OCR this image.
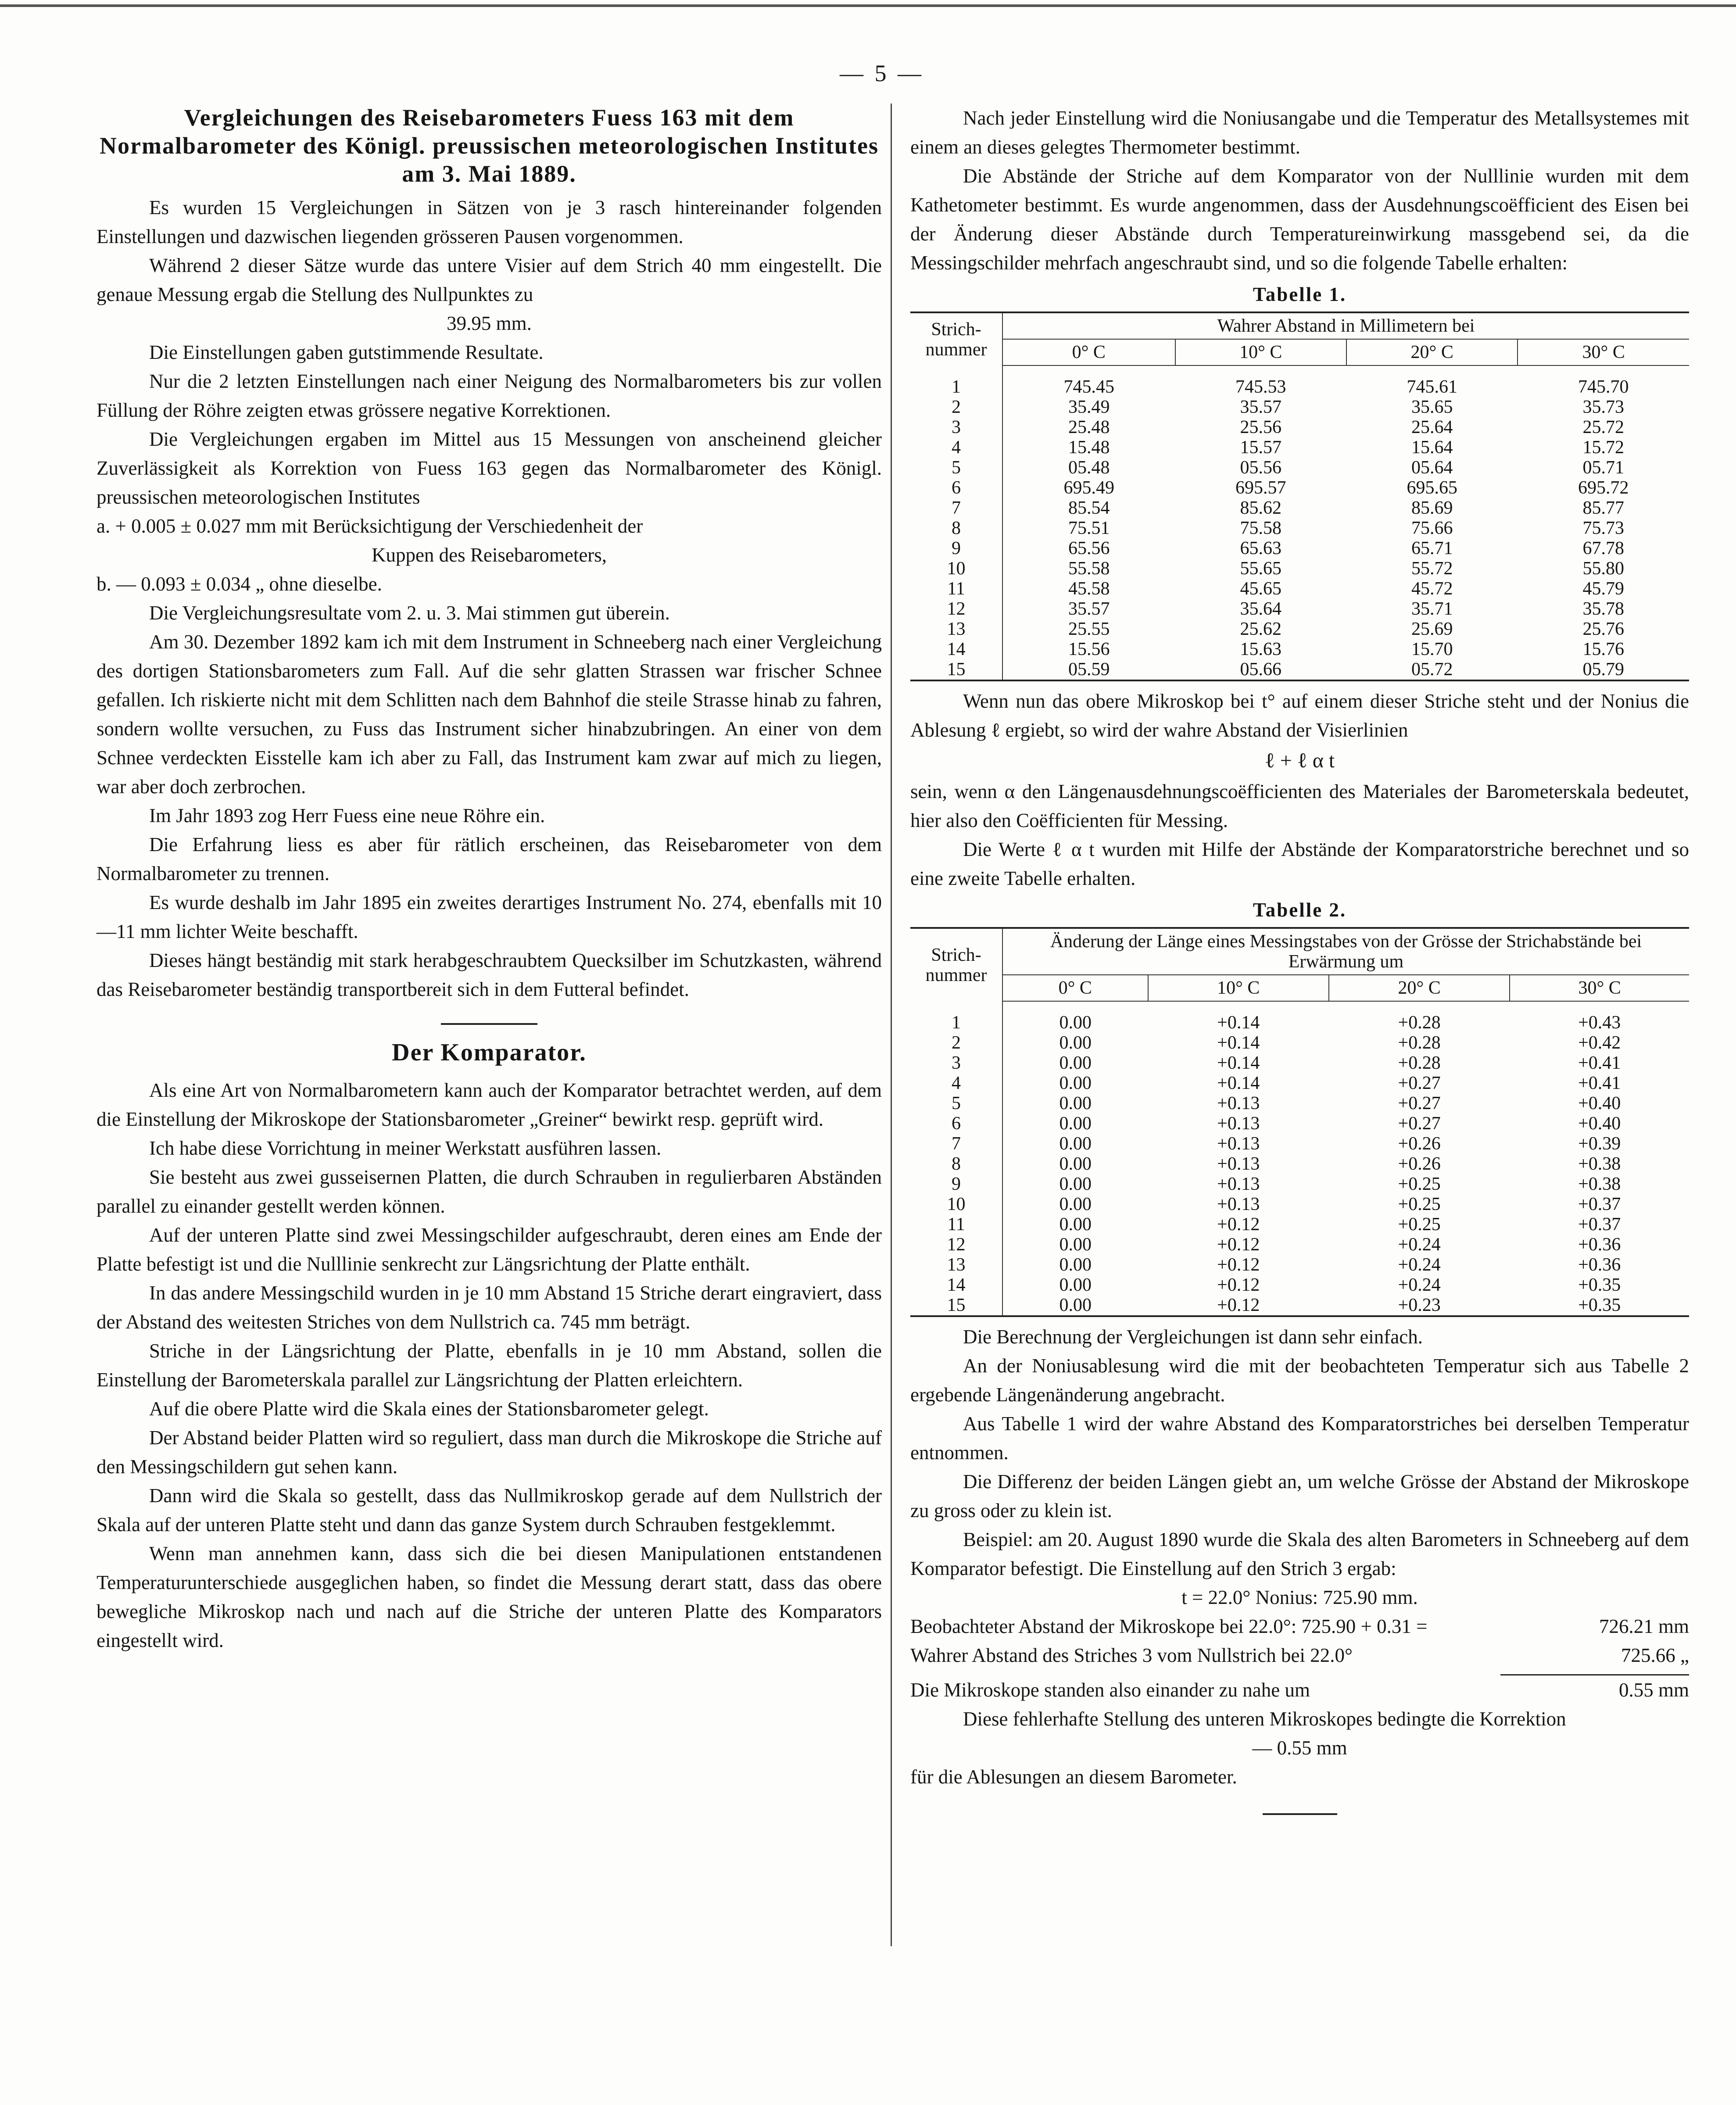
— 5 —

Vergleichungen des Reisebarometers Fuess 163 mit dem Normalbarometer des Königl. preussischen meteorologischen Institutes am 3. Mai 1889.

Es wurden 15 Vergleichungen in Sätzen von je 3 rasch hintereinander folgenden Einstellungen und dazwischen liegenden grösseren Pausen vorgenommen.

Während 2 dieser Sätze wurde das untere Visier auf dem Strich 40 mm eingestellt. Die genaue Messung ergab die Stellung des Nullpunktes zu

39.95 mm.

Die Einstellungen gaben gutstimmende Resultate.

Nur die 2 letzten Einstellungen nach einer Neigung des Normalbarometers bis zur vollen Füllung der Röhre zeigten etwas grössere negative Korrektionen.

Die Vergleichungen ergaben im Mittel aus 15 Messungen von anscheinend gleicher Zuverlässigkeit als Korrektion von Fuess 163 gegen das Normalbarometer des Königl. preussischen meteorologischen Institutes

a. + 0.005 ± 0.027 mm mit Berücksichtigung der Verschiedenheit der

Kuppen des Reisebarometers,

b. — 0.093 ± 0.034 „ ohne dieselbe.

Die Vergleichungsresultate vom 2. u. 3. Mai stimmen gut überein.

Am 30. Dezember 1892 kam ich mit dem Instrument in Schneeberg nach einer Vergleichung des dortigen Stationsbarometers zum Fall. Auf die sehr glatten Strassen war frischer Schnee gefallen. Ich riskierte nicht mit dem Schlitten nach dem Bahnhof die steile Strasse hinab zu fahren, sondern wollte versuchen, zu Fuss das Instrument sicher hinabzubringen. An einer von dem Schnee verdeckten Eisstelle kam ich aber zu Fall, das Instrument kam zwar auf mich zu liegen, war aber doch zerbrochen.

Im Jahr 1893 zog Herr Fuess eine neue Röhre ein.

Die Erfahrung liess es aber für rätlich erscheinen, das Reisebarometer von dem Normalbarometer zu trennen.

Es wurde deshalb im Jahr 1895 ein zweites derartiges Instrument No. 274, ebenfalls mit 10—11 mm lichter Weite beschafft.

Dieses hängt beständig mit stark herabgeschraubtem Quecksilber im Schutzkasten, während das Reisebarometer beständig transportbereit sich in dem Futteral befindet.

Der Komparator.

Als eine Art von Normalbarometern kann auch der Komparator betrachtet werden, auf dem die Einstellung der Mikroskope der Stationsbarometer „Greiner“ bewirkt resp. geprüft wird.

Ich habe diese Vorrichtung in meiner Werkstatt ausführen lassen.

Sie besteht aus zwei gusseisernen Platten, die durch Schrauben in regulierbaren Abständen parallel zu einander gestellt werden können.

Auf der unteren Platte sind zwei Messingschilder aufgeschraubt, deren eines am Ende der Platte befestigt ist und die Nulllinie senkrecht zur Längsrichtung der Platte enthält.

In das andere Messingschild wurden in je 10 mm Abstand 15 Striche derart eingraviert, dass der Abstand des weitesten Striches von dem Nullstrich ca. 745 mm beträgt.

Striche in der Längsrichtung der Platte, ebenfalls in je 10 mm Abstand, sollen die Einstellung der Barometerskala parallel zur Längsrichtung der Platten erleichtern.

Auf die obere Platte wird die Skala eines der Stationsbarometer gelegt.

Der Abstand beider Platten wird so reguliert, dass man durch die Mikroskope die Striche auf den Messingschildern gut sehen kann.

Dann wird die Skala so gestellt, dass das Nullmikroskop gerade auf dem Nullstrich der Skala auf der unteren Platte steht und dann das ganze System durch Schrauben festgeklemmt.

Wenn man annehmen kann, dass sich die bei diesen Manipulationen entstandenen Temperaturunterschiede ausgeglichen haben, so findet die Messung derart statt, dass das obere bewegliche Mikroskop nach und nach auf die Striche der unteren Platte des Komparators eingestellt wird.

Nach jeder Einstellung wird die Noniusangabe und die Temperatur des Metallsystemes mit einem an dieses gelegtes Thermometer bestimmt.

Die Abstände der Striche auf dem Komparator von der Nulllinie wurden mit dem Kathetometer bestimmt. Es wurde angenommen, dass der Ausdehnungscoëfficient des Eisen bei der Änderung dieser Abstände durch Temperatureinwirkung massgebend sei, da die Messingschilder mehrfach angeschraubt sind, und so die folgende Tabelle erhalten:

Tabelle 1.

Strich-nummer	Wahrer Abstand in Millimetern bei			
	0° C	10° C	20° C	30° C

1	745.45	745.53	745.61	745.70
2	35.49	35.57	35.65	35.73
3	25.48	25.56	25.64	25.72
4	15.48	15.57	15.64	15.72
5	05.48	05.56	05.64	05.71
6	695.49	695.57	695.65	695.72
7	85.54	85.62	85.69	85.77
8	75.51	75.58	75.66	75.73
9	65.56	65.63	65.71	67.78
10	55.58	55.65	55.72	55.80
11	45.58	45.65	45.72	45.79
12	35.57	35.64	35.71	35.78
13	25.55	25.62	25.69	25.76
14	15.56	15.63	15.70	15.76
15	05.59	05.66	05.72	05.79

Wenn nun das obere Mikroskop bei t° auf einem dieser Striche steht und der Nonius die Ablesung ℓ ergiebt, so wird der wahre Abstand der Visierlinien

ℓ + ℓ α t

sein, wenn α den Längenausdehnungscoëfficienten des Materiales der Barometerskala bedeutet, hier also den Coëfficienten für Messing.

Die Werte ℓ α t wurden mit Hilfe der Abstände der Komparatorstriche berechnet und so eine zweite Tabelle erhalten.

Tabelle 2.

Strich-nummer	Änderung der Länge eines Messingstabes von der Grösse der Strichabstände bei Erwärmung um			
	0° C	10° C	20° C	30° C

1	0.00	+0.14	+0.28	+0.43
2	0.00	+0.14	+0.28	+0.42
3	0.00	+0.14	+0.28	+0.41
4	0.00	+0.14	+0.27	+0.41
5	0.00	+0.13	+0.27	+0.40
6	0.00	+0.13	+0.27	+0.40
7	0.00	+0.13	+0.26	+0.39
8	0.00	+0.13	+0.26	+0.38
9	0.00	+0.13	+0.25	+0.38
10	0.00	+0.13	+0.25	+0.37
11	0.00	+0.12	+0.25	+0.37
12	0.00	+0.12	+0.24	+0.36
13	0.00	+0.12	+0.24	+0.36
14	0.00	+0.12	+0.24	+0.35
15	0.00	+0.12	+0.23	+0.35

Die Berechnung der Vergleichungen ist dann sehr einfach.

An der Noniusablesung wird die mit der beobachteten Temperatur sich aus Tabelle 2 ergebende Längenänderung angebracht.

Aus Tabelle 1 wird der wahre Abstand des Komparatorstriches bei derselben Temperatur entnommen.

Die Differenz der beiden Längen giebt an, um welche Grösse der Abstand der Mikroskope zu gross oder zu klein ist.

Beispiel: am 20. August 1890 wurde die Skala des alten Barometers in Schneeberg auf dem Komparator befestigt. Die Einstellung auf den Strich 3 ergab:

t = 22.0° Nonius: 725.90 mm.

Beobachteter Abstand der Mikroskope bei 22.0°: 725.90 + 0.31 =	726.21 mm
Wahrer Abstand des Striches 3 vom Nullstrich bei 22.0°	725.66 „
Die Mikroskope standen also einander zu nahe um	0.55 mm

Diese fehlerhafte Stellung des unteren Mikroskopes bedingte die Korrektion

— 0.55 mm

für die Ablesungen an diesem Barometer.
